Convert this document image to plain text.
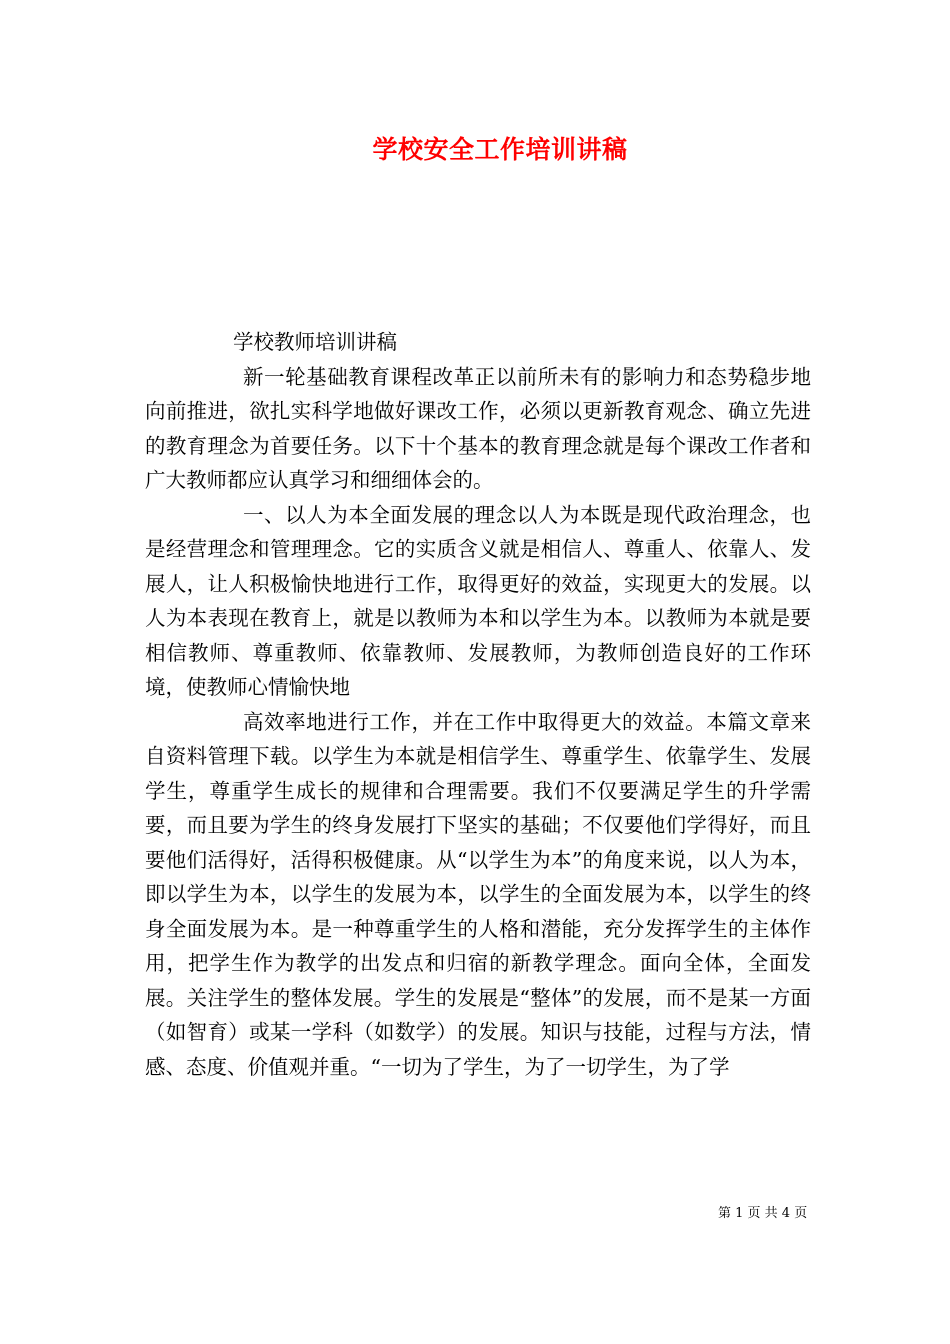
学校安全工作培训讲稿

学校教师培训讲稿

新一轮基础教育课程改革正以前所未有的影响力和态势稳步地向前推进，欲扎实科学地做好课改工作，必须以更新教育观念、确立先进的教育理念为首要任务。以下十个基本的教育理念就是每个课改工作者和广大教师都应认真学习和细细体会的。

一、以人为本全面发展的理念以人为本既是现代政治理念，也是经营理念和管理理念。它的实质含义就是相信人、尊重人、依靠人、发展人，让人积极愉快地进行工作，取得更好的效益，实现更大的发展。以人为本表现在教育上，就是以教师为本和以学生为本。以教师为本就是要相信教师、尊重教师、依靠教师、发展教师，为教师创造良好的工作环境，使教师心情愉快地

高效率地进行工作，并在工作中取得更大的效益。本篇文章来自资料管理下载。以学生为本就是相信学生、尊重学生、依靠学生、发展学生，尊重学生成长的规律和合理需要。我们不仅要满足学生的升学需要，而且要为学生的终身发展打下坚实的基础；不仅要他们学得好，而且要他们活得好，活得积极健康。从“以学生为本”的角度来说，以人为本，即以学生为本，以学生的发展为本，以学生的全面发展为本，以学生的终身全面发展为本。是一种尊重学生的人格和潜能，充分发挥学生的主体作用，把学生作为教学的出发点和归宿的新教学理念。面向全体，全面发展。关注学生的整体发展。学生的发展是“整体”的发展，而不是某一方面（如智育）或某一学科（如数学）的发展。知识与技能，过程与方法，情感、态度、价值观并重。“一切为了学生，为了一切学生，为了学

第 1 页 共 4 页
